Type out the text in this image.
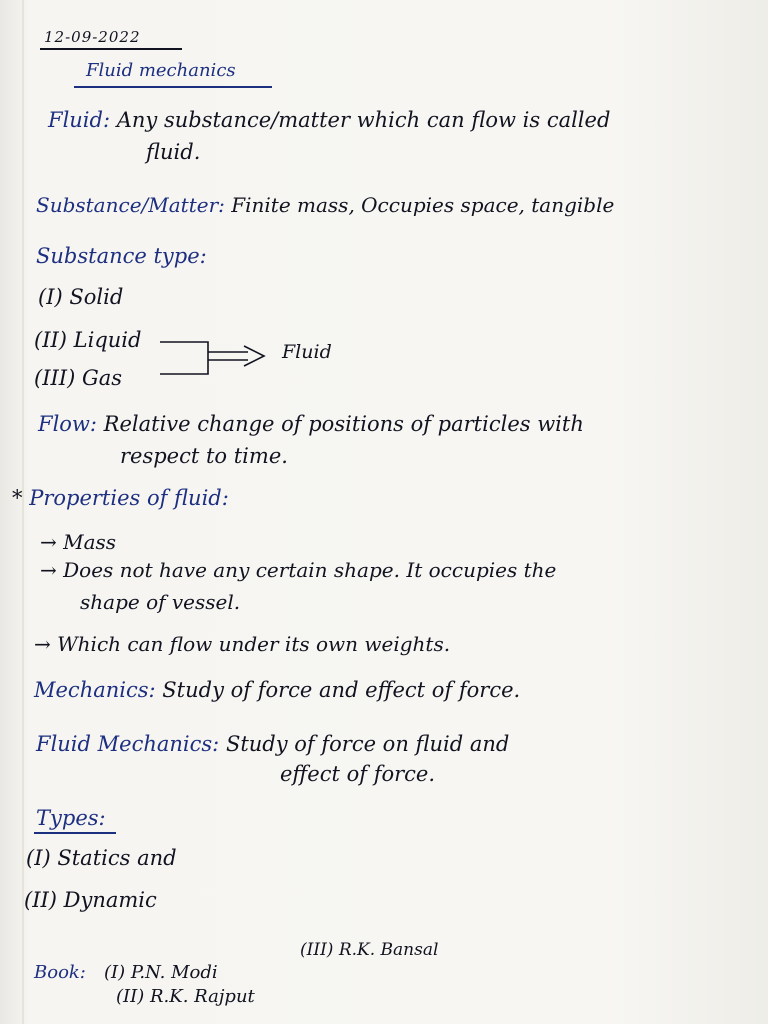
12-09-2022
Fluid mechanics
Fluid: Any substance/matter which can flow is called
fluid.
Substance/Matter: Finite mass, Occupies space, tangible
Substance type:
(I) Solid
(II) Liquid
(III) Gas
Fluid
Flow: Relative change of positions of particles with
respect to time.
* Properties of fluid:
→ Mass
→ Does not have any certain shape. It occupies the
shape of vessel.
→ Which can flow under its own weights.
Mechanics: Study of force and effect of force.
Fluid Mechanics: Study of force on fluid and
effect of force.
Types:
(I) Statics and
(II) Dynamic
Book: (I) P.N. Modi
(II) R.K. Rajput
(III) R.K. Bansal
